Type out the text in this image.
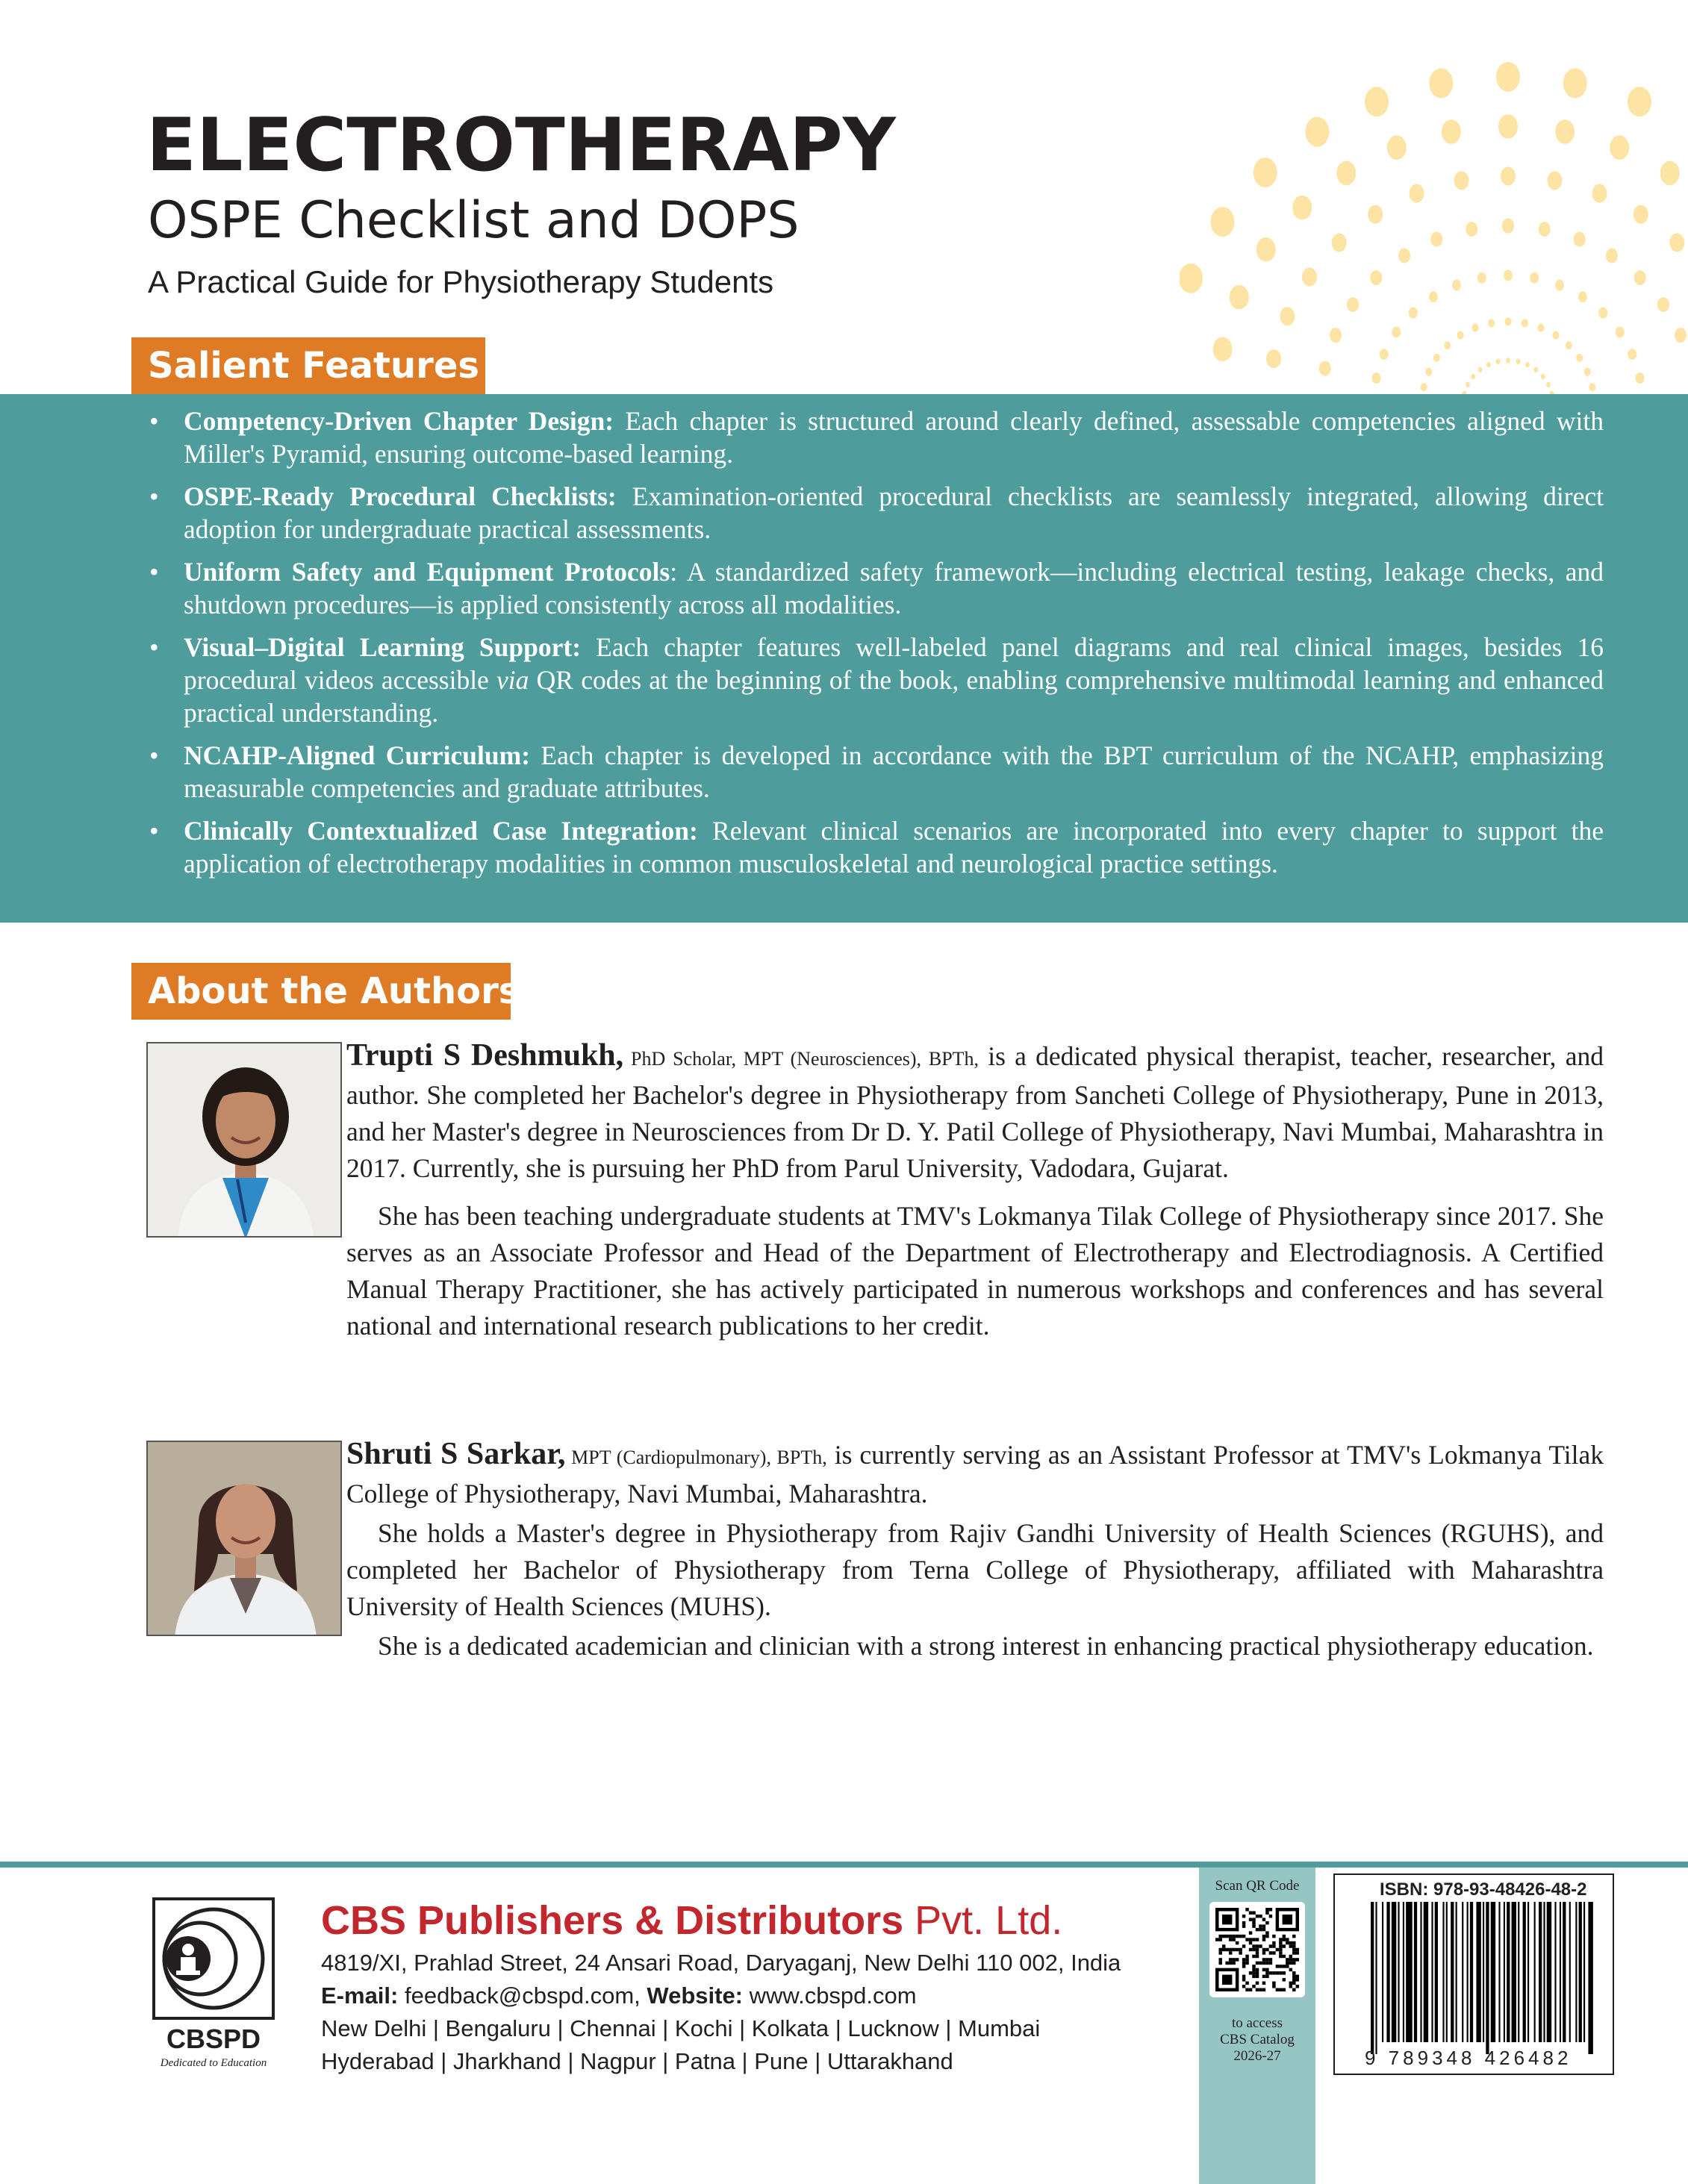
ELECTROTHERAPY
OSPE Checklist and DOPS
A Practical Guide for Physiotherapy Students
Salient Features
• Competency-Driven Chapter Design: Each chapter is structured around clearly defined, assessable competencies aligned with Miller's Pyramid, ensuring outcome-based learning.
• OSPE-Ready Procedural Checklists: Examination-oriented procedural checklists are seamlessly integrated, allowing direct adoption for undergraduate practical assessments.
• Uniform Safety and Equipment Protocols: A standardized safety framework—including electrical testing, leakage checks, and shutdown procedures—is applied consistently across all modalities.
• Visual–Digital Learning Support: Each chapter features well-labeled panel diagrams and real clinical images, besides 16 procedural videos accessible via QR codes at the beginning of the book, enabling comprehensive multimodal learning and enhanced practical understanding.
• NCAHP-Aligned Curriculum: Each chapter is developed in accordance with the BPT curriculum of the NCAHP, emphasizing measurable competencies and graduate attributes.
• Clinically Contextualized Case Integration: Relevant clinical scenarios are incorporated into every chapter to support the application of electrotherapy modalities in common musculoskeletal and neurological practice settings.
About the Authors

Trupti S Deshmukh, PhD Scholar, MPT (Neurosciences), BPTh, is a dedicated physical therapist, teacher, researcher, and author. She completed her Bachelor's degree in Physiotherapy from Sancheti College of Physiotherapy, Pune in 2013, and her Master's degree in Neurosciences from Dr D. Y. Patil College of Physiotherapy, Navi Mumbai, Maharashtra in 2017. Currently, she is pursuing her PhD from Parul University, Vadodara, Gujarat.

She has been teaching undergraduate students at TMV's Lokmanya Tilak College of Physiotherapy since 2017. She serves as an Associate Professor and Head of the Department of Electrotherapy and Electrodiagnosis. A Certified Manual Therapy Practitioner, she has actively participated in numerous workshops and conferences and has several national and international research publications to her credit.

Shruti S Sarkar, MPT (Cardiopulmonary), BPTh, is currently serving as an Assistant Professor at TMV's Lokmanya Tilak College of Physiotherapy, Navi Mumbai, Maharashtra.

She holds a Master's degree in Physiotherapy from Rajiv Gandhi University of Health Sciences (RGUHS), and completed her Bachelor of Physiotherapy from Terna College of Physiotherapy, affiliated with Maharashtra University of Health Sciences (MUHS).

She is a dedicated academician and clinician with a strong interest in enhancing practical physiotherapy education.

CBSPD
Dedicated to Education
CBS Publishers & Distributors Pvt. Ltd.
4819/XI, Prahlad Street, 24 Ansari Road, Daryaganj, New Delhi 110 002, India
E-mail: feedback@cbspd.com, Website: www.cbspd.com
New Delhi | Bengaluru | Chennai | Kochi | Kolkata | Lucknow | Mumbai
Hyderabad | Jharkhand | Nagpur | Patna | Pune | Uttarakhand
Scan QR Code
to access
CBS Catalog
2026-27
ISBN: 978-93-48426-48-2
9 789348 426482
